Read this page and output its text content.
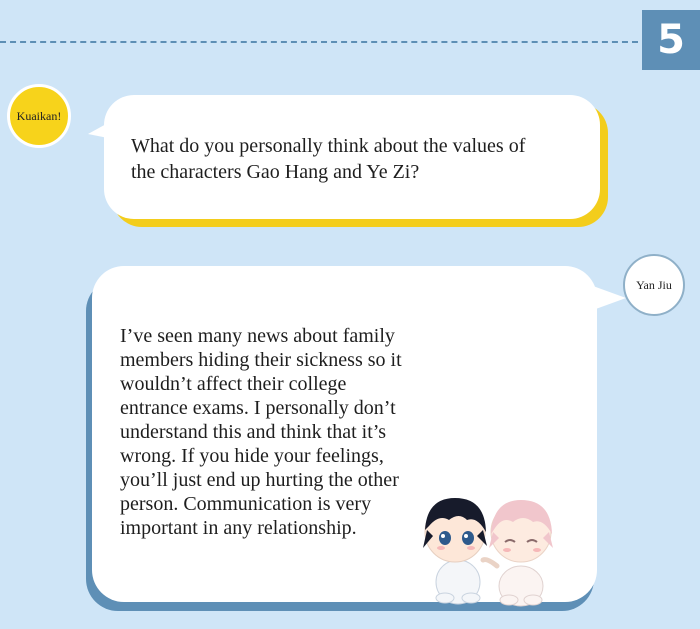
5
Kuaikan!
What do you personally think about the values of
the characters Gao Hang and Ye Zi?
Yan Jiu
I’ve seen many news about family
members hiding their sickness so it
wouldn’t affect their college
entrance exams. I personally don’t
understand this and think that it’s
wrong. If you hide your feelings,
you’ll just end up hurting the other
person. Communication is very
important in any relationship.
